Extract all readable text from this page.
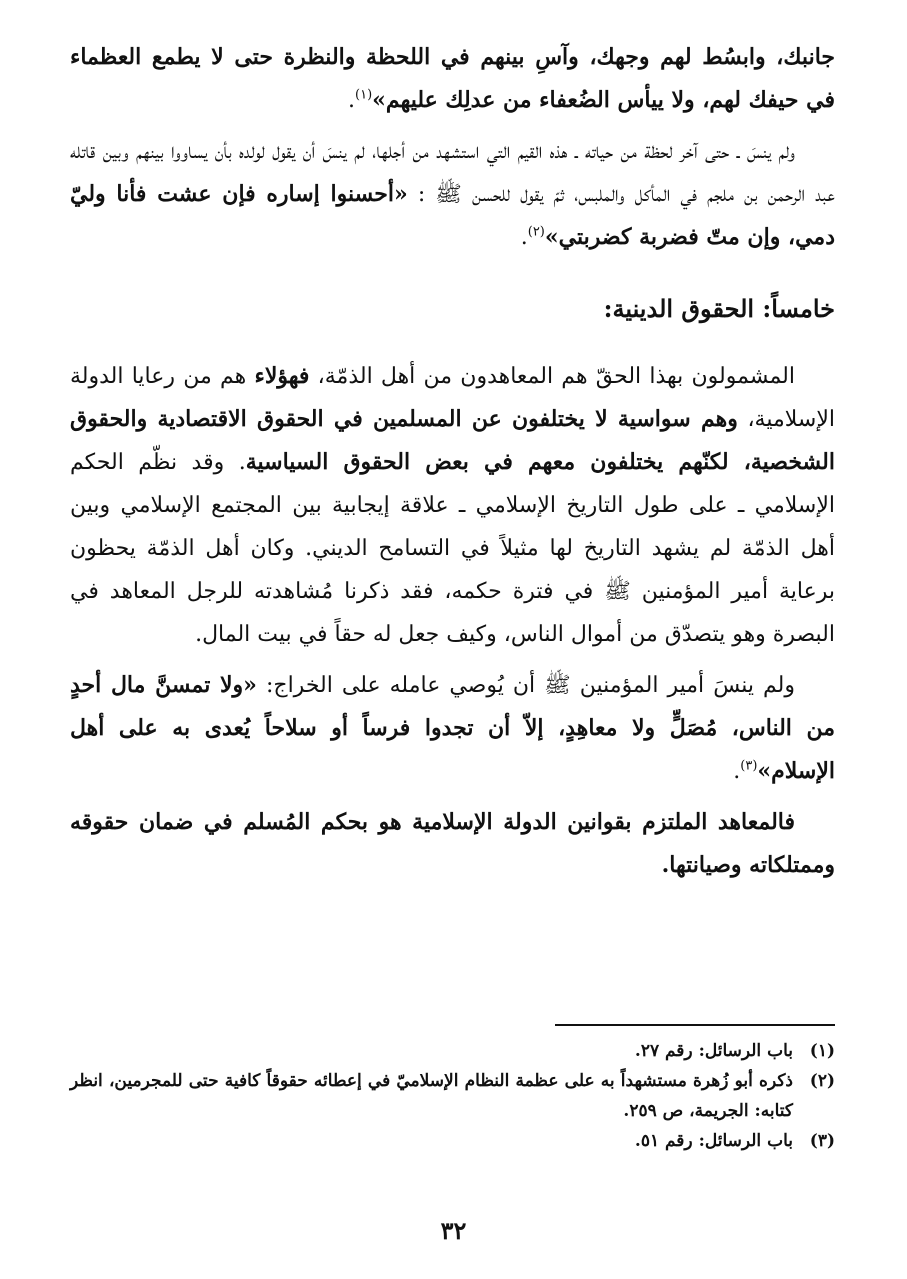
جانبك، وابسُط لهم وجهك، وآسِ بينهم في اللحظة والنظرة حتى لا يطمع العظماء في حيفك لهم، ولا ييأس الضُعفاء من عدلِك عليهم»$^{(١)}$.

ولم ينسَ ـ حتى آخر لحظة من حياته ـ هذه القيم التي استشهد من أجلها، لم ينسَ أن يقول لولده بأن يساووا بينهم وبين قاتله عبد الرحمن بن ملجم في المأكل والملبس، ثمّ يقول للحسن ﷺ : «أحسنوا إساره فإن عشت فأنا وليّ دمي، وإن متّ فضربة كضربتي»$^{(٢)}$.

خامساً: الحقوق الدينية:

المشمولون بهذا الحقّ هم المعاهدون من أهل الذمّة، فهؤلاء هم من رعايا الدولة الإسلامية، وهم سواسية لا يختلفون عن المسلمين في الحقوق الاقتصادية والحقوق الشخصية، لكنّهم يختلفون معهم في بعض الحقوق السياسية. وقد نظّم الحكم الإسلامي ـ على طول التاريخ الإسلامي ـ علاقة إيجابية بين المجتمع الإسلامي وبين أهل الذمّة لم يشهد التاريخ لها مثيلاً في التسامح الديني. وكان أهل الذمّة يحظون برعاية أمير المؤمنين ﷺ في فترة حكمه، فقد ذكرنا مُشاهدته للرجل المعاهد في البصرة وهو يتصدّق من أموال الناس، وكيف جعل له حقاً في بيت المال.

ولم ينسَ أمير المؤمنين ﷺ أن يُوصي عامله على الخراج: «ولا تمسنَّ مال أحدٍ من الناس، مُصَلٍّ ولا معاهِدٍ، إلاّ أن تجدوا فرساً أو سلاحاً يُعدى به على أهل الإسلام»$^{(٣)}$.

فالمعاهد الملتزم بقوانين الدولة الإسلامية هو بحكم المُسلم في ضمان حقوقه وممتلكاته وصيانتها.

(١)
باب الرسائل: رقم ٢٧.
(٢)
ذكره أبو زُهرة مستشهداً به على عظمة النظام الإسلاميّ في إعطائه حقوقاً كافية حتى للمجرمين، انظر كتابه: الجريمة، ص ٢٥٩.
(٣)
باب الرسائل: رقم ٥١.
٣٢
